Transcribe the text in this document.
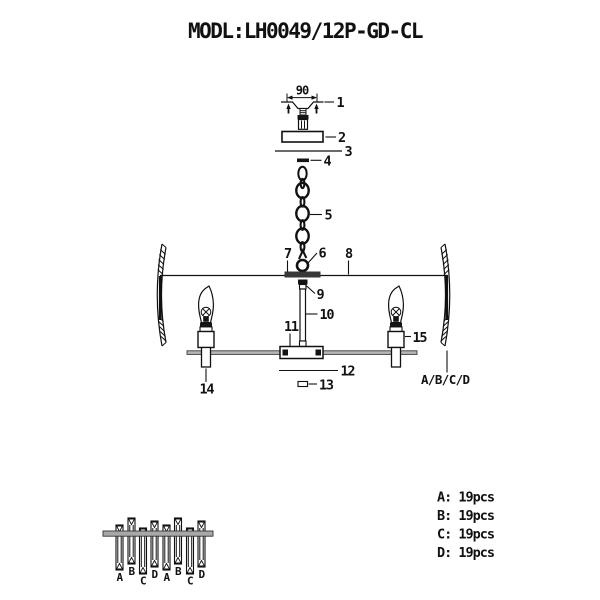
MODL:LH0049/12P-GD-CL
90
1
2
3
4
5
6
7	8
9
10
11
12
13
14
15
A/B/C/D
A B
C D A B
C D
A: 19pcs
B: 19pcs
C: 19pcs
D: 19pcs
